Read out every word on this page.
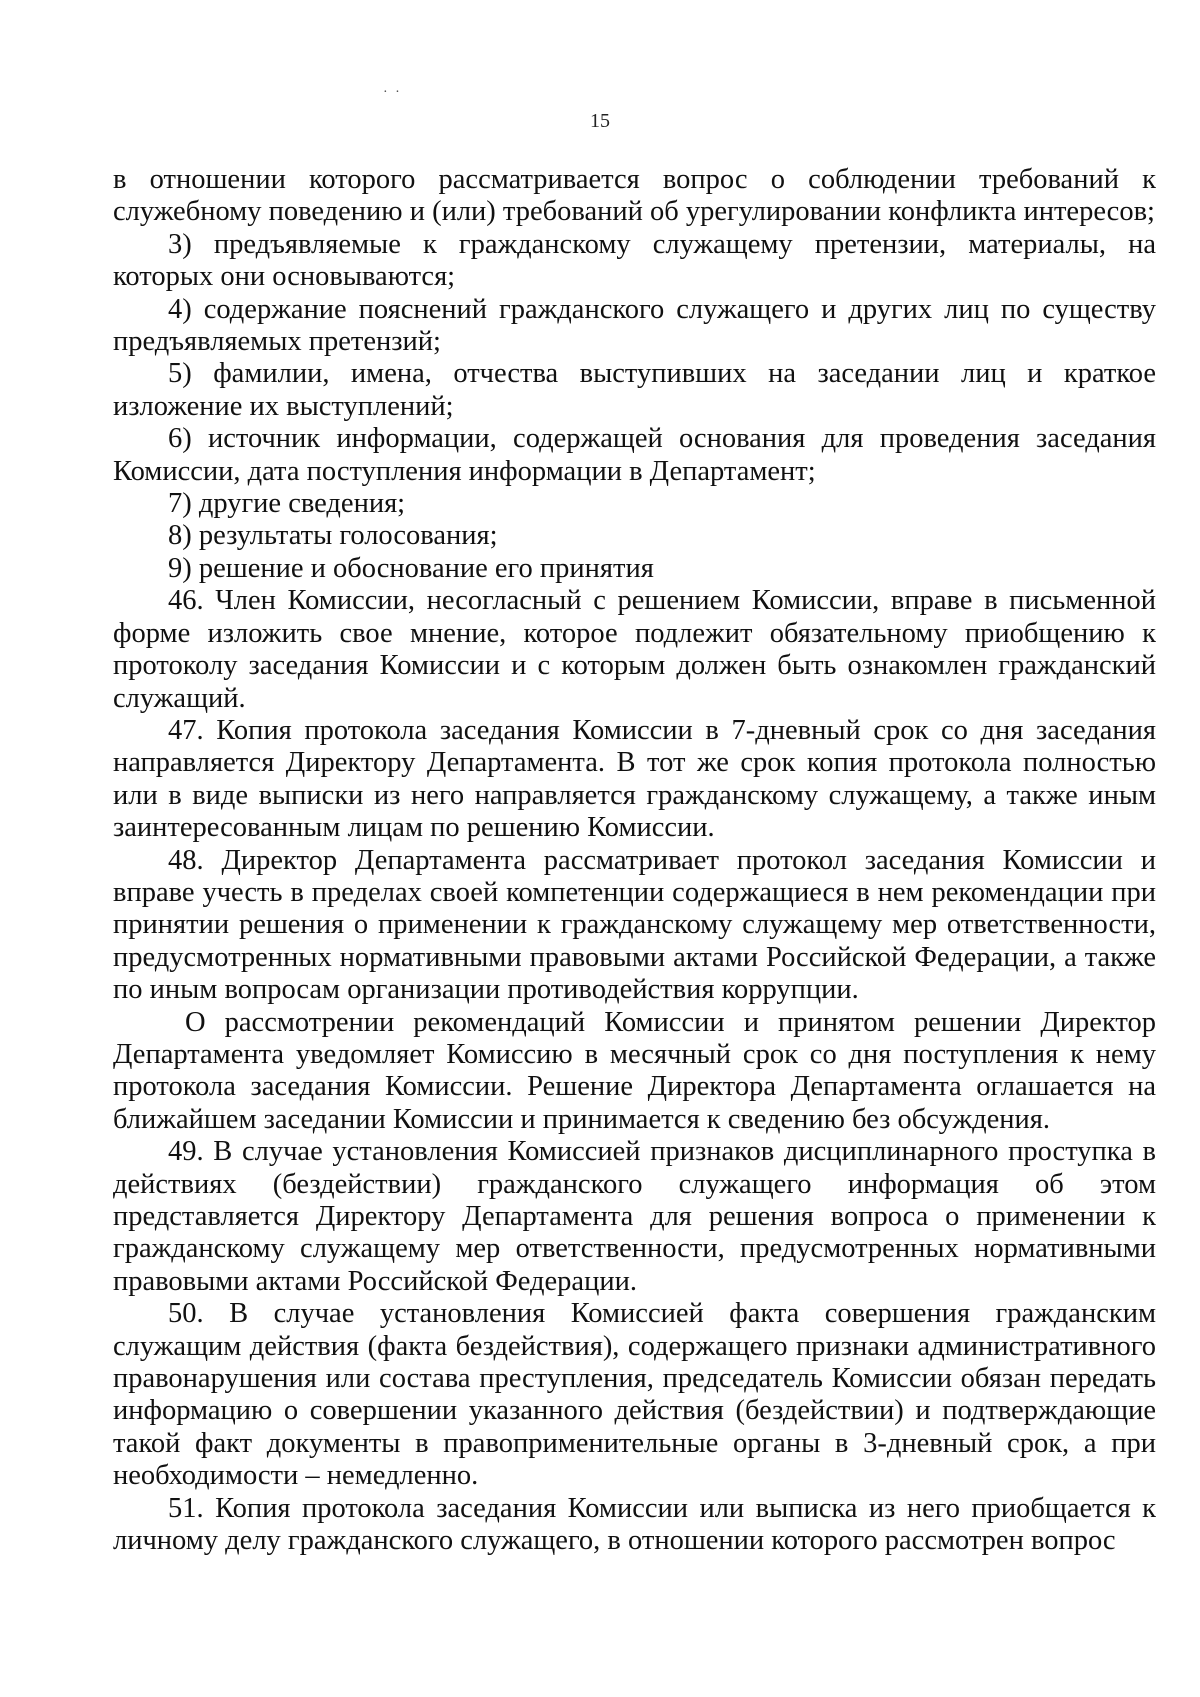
· ·
15

в отношении которого рассматривается вопрос о соблюдении требований к служебному поведению и (или) требований об урегулировании конфликта интересов;

3) предъявляемые к гражданскому служащему претензии, материалы, на которых они основываются;

4) содержание пояснений гражданского служащего и других лиц по существу предъявляемых претензий;

5) фамилии, имена, отчества выступивших на заседании лиц и краткое изложение их выступлений;

6) источник информации, содержащей основания для проведения заседания Комиссии, дата поступления информации в Департамент;

7) другие сведения;

8) результаты голосования;

9) решение и обоснование его принятия

46. Член Комиссии, несогласный с решением Комиссии, вправе в письменной форме изложить свое мнение, которое подлежит обязательному приобщению к протоколу заседания Комиссии и с которым должен быть ознакомлен гражданский служащий.

47. Копия протокола заседания Комиссии в 7-дневный срок со дня заседания направляется Директору Департамента. В тот же срок копия протокола полностью или в виде выписки из него направляется гражданскому служащему, а также иным заинтересованным лицам по решению Комиссии.

48. Директор Департамента рассматривает протокол заседания Комиссии и вправе учесть в пределах своей компетенции содержащиеся в нем рекомендации при принятии решения о применении к гражданскому служащему мер ответственности, предусмотренных нормативными правовыми актами Российской Федерации, а также по иным вопросам организации противодействия коррупции.

О рассмотрении рекомендаций Комиссии и принятом решении Директор Департамента уведомляет Комиссию в месячный срок со дня поступления к нему протокола заседания Комиссии. Решение Директора Департамента оглашается на ближайшем заседании Комиссии и принимается к сведению без обсуждения.

49. В случае установления Комиссией признаков дисциплинарного проступка в действиях (бездействии) гражданского служащего информация об этом представляется Директору Департамента для решения вопроса о применении к гражданскому служащему мер ответственности, предусмотренных нормативными правовыми актами Российской Федерации.

50. В случае установления Комиссией факта совершения гражданским служащим действия (факта бездействия), содержащего признаки административного правонарушения или состава преступления, председатель Комиссии обязан передать информацию о совершении указанного действия (бездействии) и подтверждающие такой факт документы в правоприменительные органы в 3-дневный срок, а при необходимости – немедленно.

51. Копия протокола заседания Комиссии или выписка из него приобщается к личному делу гражданского служащего, в отношении которого рассмотрен вопрос
